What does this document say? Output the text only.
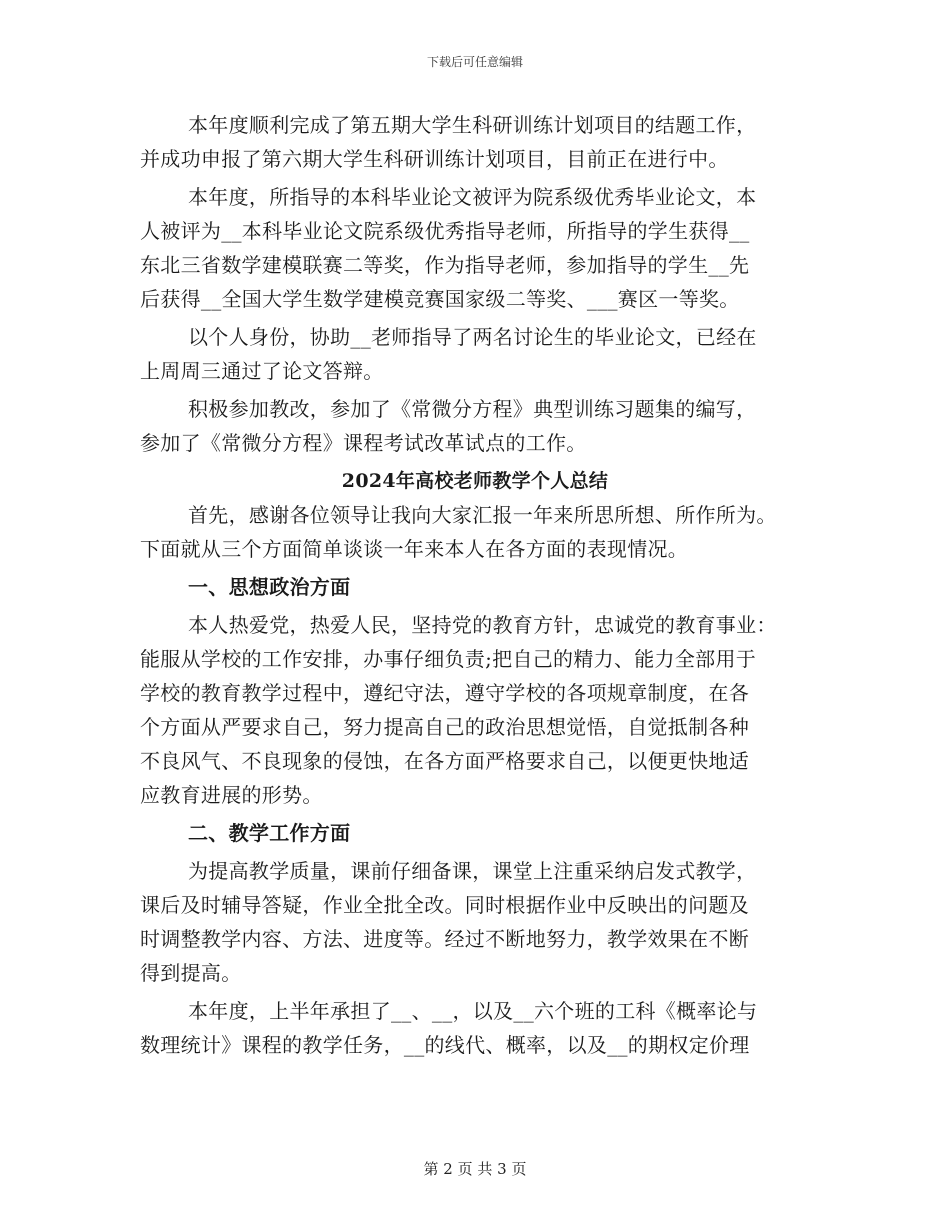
下载后可任意编辑
本年度顺利完成了第五期大学生科研训练计划项目的结题工作，
并成功申报了第六期大学生科研训练计划项目，目前正在进行中。
本年度，所指导的本科毕业论文被评为院系级优秀毕业论文，本
人被评为__本科毕业论文院系级优秀指导老师，所指导的学生获得__
东北三省数学建模联赛二等奖，作为指导老师，参加指导的学生__先
后获得__全国大学生数学建模竞赛国家级二等奖、___赛区一等奖。
以个人身份，协助__老师指导了两名讨论生的毕业论文，已经在
上周周三通过了论文答辩。
积极参加教改，参加了《常微分方程》典型训练习题集的编写，
参加了《常微分方程》课程考试改革试点的工作。
2024年高校老师教学个人总结
首先，感谢各位领导让我向大家汇报一年来所思所想、所作所为。
下面就从三个方面简单谈谈一年来本人在各方面的表现情况。
一、思想政治方面
本人热爱党，热爱人民，坚持党的教育方针，忠诚党的教育事业：
能服从学校的工作安排，办事仔细负责;把自己的精力、能力全部用于
学校的教育教学过程中，遵纪守法，遵守学校的各项规章制度，在各
个方面从严要求自己，努力提高自己的政治思想觉悟，自觉抵制各种
不良风气、不良现象的侵蚀，在各方面严格要求自己，以便更快地适
应教育进展的形势。
二、教学工作方面
为提高教学质量，课前仔细备课，课堂上注重采纳启发式教学，
课后及时辅导答疑，作业全批全改。同时根据作业中反映出的问题及
时调整教学内容、方法、进度等。经过不断地努力，教学效果在不断
得到提高。
本年度，上半年承担了__、__，以及__六个班的工科《概率论与
数理统计》课程的教学任务，__的线代、概率，以及__的期权定价理
第 2 页 共 3 页
